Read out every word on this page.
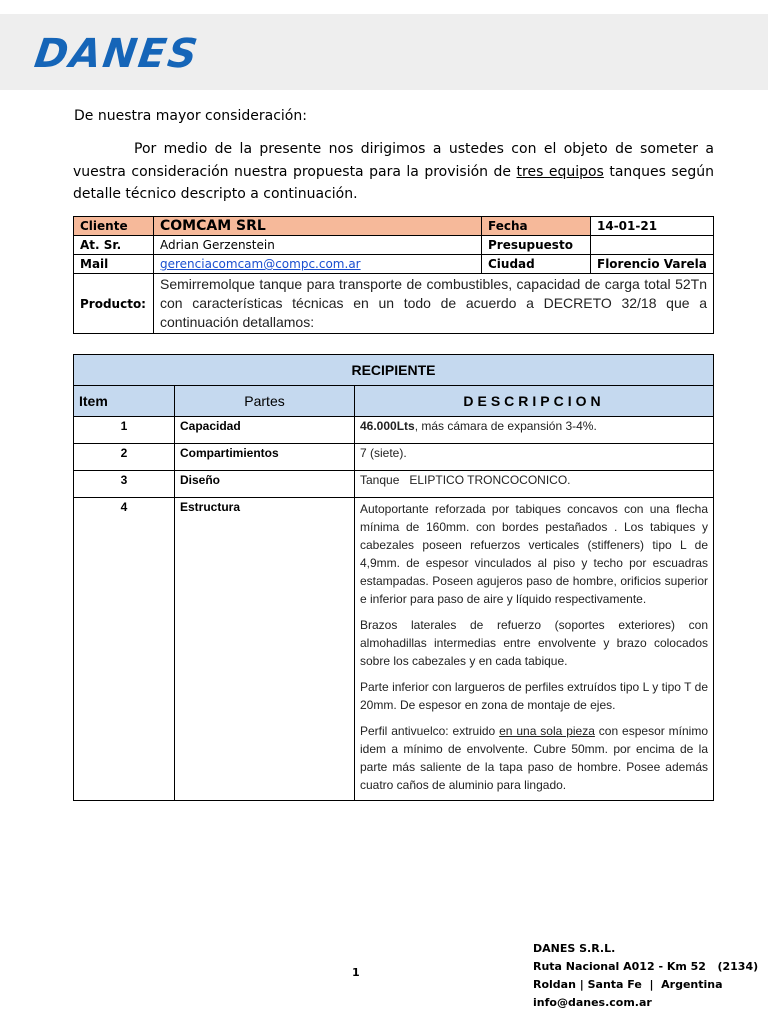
DANES
De nuestra mayor consideración:

Por medio de la presente nos dirigimos a ustedes con el objeto de someter a vuestra consideración nuestra propuesta para la provisión de tres equipos tanques según detalle técnico descripto a continuación.

Cliente	COMCAM SRL	Fecha	14-01-21
At. Sr.	Adrian Gerzenstein	Presupuesto	
Mail	gerenciacomcam@compc.com.ar	Ciudad	Florencio Varela
Producto:	Semirremolque tanque para transporte de combustibles, capacidad de carga total 52Tn con características técnicas en un todo de acuerdo a DECRETO 32/18 que a continuación detallamos:		
RECIPIENTE		
Item	Partes	DESCRIPCION
1	Capacidad	46.000Lts, más cámara de expansión 3-4%.
2	Compartimientos	7 (siete).
3	Diseño	Tanque   ELIPTICO TRONCOCONICO.
4	Estructura	Autoportante reforzada por tabiques concavos con una flecha mínima de 160mm. con bordes pestañados . Los tabiques y cabezales poseen refuerzos verticales (stiffeners) tipo L de 4,9mm. de espesor vinculados al piso y techo por escuadras estampadas. Poseen agujeros paso de hombre, orificios superior e inferior para paso de aire y líquido respectivamente.

Brazos laterales de refuerzo (soportes exteriores) con almohadillas intermedias entre envolvente y brazo colocados sobre los cabezales y en cada tabique.

Parte inferior con largueros de perfiles extruídos tipo L y tipo T de 20mm. De espesor en zona de montaje de ejes.

Perfil antivuelco: extruido en una sola pieza con espesor mínimo idem a mínimo de envolvente. Cubre 50mm. por encima de la parte más saliente de la tapa paso de hombre. Posee además cuatro caños de aluminio para lingado.

1
DANES S.R.L.
Ruta Nacional A012 - Km 52   (2134)
Roldan | Santa Fe  |  Argentina
info@danes.com.ar
